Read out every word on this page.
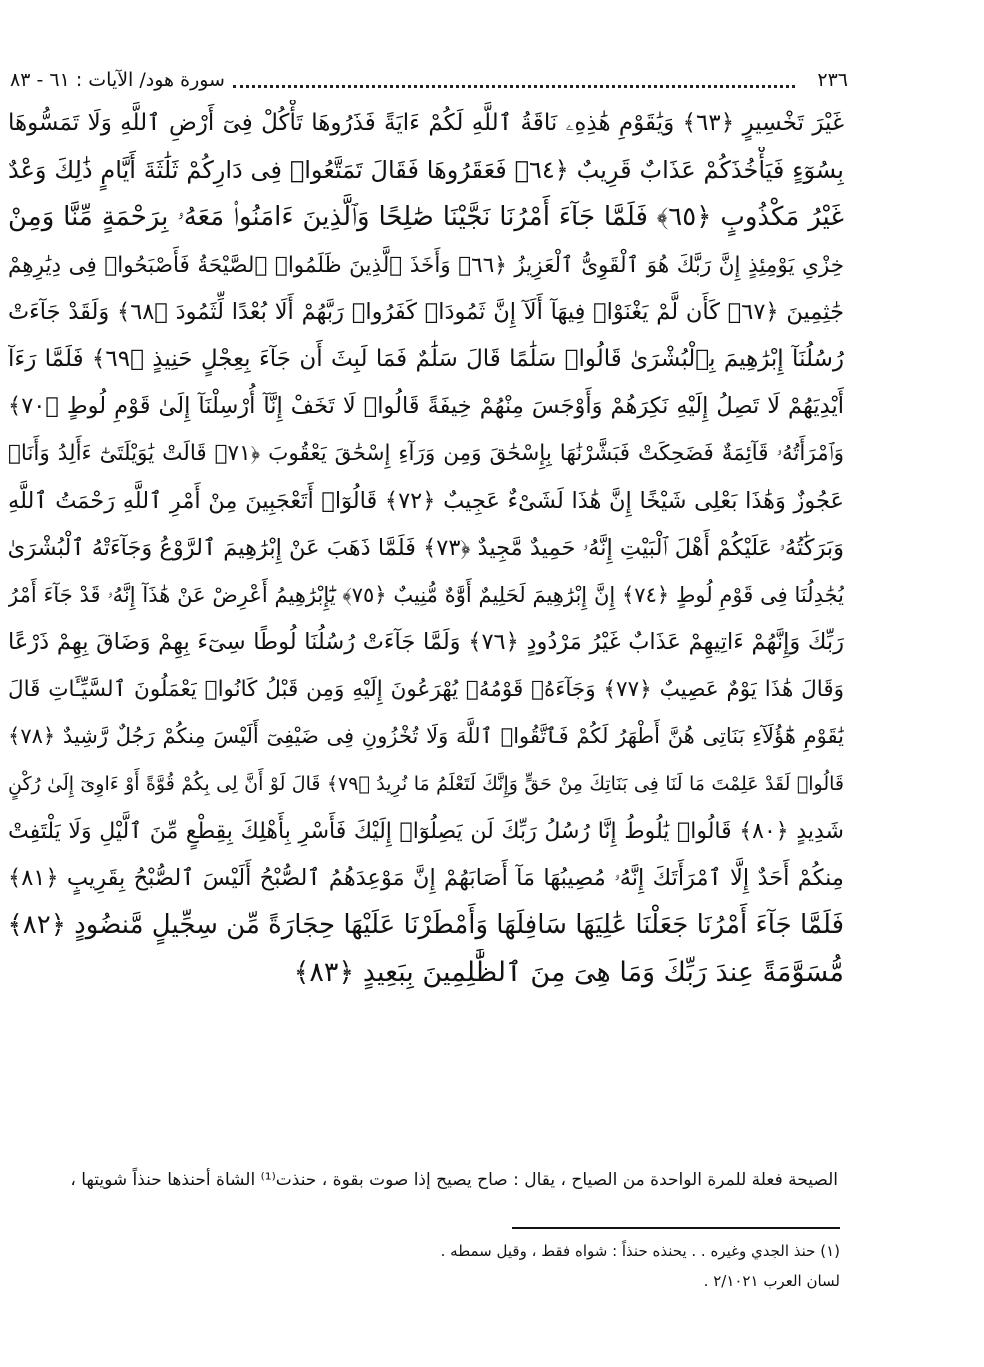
٢٣٦
سورة هود/ الآيات : ٦١ - ٨٣
غَيْرَ تَخْسِيرٍ ﴿٦٣﴾ وَيَٰقَوْمِ هَٰذِهِۦ نَاقَةُ ٱللَّهِ لَكُمْ ءَايَةً فَذَرُوهَا تَأْكُلْ فِىٓ أَرْضِ ٱللَّهِ وَلَا تَمَسُّوهَا
بِسُوٓءٍ فَيَأْخُذَكُمْ عَذَابٌ قَرِيبٌ ﴿٦٤﴾ فَعَقَرُوهَا فَقَالَ تَمَتَّعُوا۟ فِى دَارِكُمْ ثَلَٰثَةَ أَيَّامٍ ذَٰلِكَ وَعْدٌ
غَيْرُ مَكْذُوبٍ ﴿٦٥﴾ فَلَمَّا جَآءَ أَمْرُنَا نَجَّيْنَا صَٰلِحًا وَٱلَّذِينَ ءَامَنُوا۟ مَعَهُۥ بِرَحْمَةٍ مِّنَّا وَمِنْ
خِزْىِ يَوْمِئِذٍ إِنَّ رَبَّكَ هُوَ ٱلْقَوِىُّ ٱلْعَزِيزُ ﴿٦٦﴾ وَأَخَذَ ٱلَّذِينَ ظَلَمُوا۟ ٱلصَّيْحَةُ فَأَصْبَحُوا۟ فِى دِيَٰرِهِمْ
جَٰثِمِينَ ﴿٦٧﴾ كَأَن لَّمْ يَغْنَوْا۟ فِيهَآ أَلَآ إِنَّ ثَمُودَا۟ كَفَرُوا۟ رَبَّهُمْ أَلَا بُعْدًا لِّثَمُودَ ﴿٦٨﴾ وَلَقَدْ جَآءَتْ
رُسُلُنَآ إِبْرَٰهِيمَ بِٱلْبُشْرَىٰ قَالُوا۟ سَلَٰمًا قَالَ سَلَٰمٌ فَمَا لَبِثَ أَن جَآءَ بِعِجْلٍ حَنِيذٍ ﴿٦٩﴾ فَلَمَّا رَءَآ
أَيْدِيَهُمْ لَا تَصِلُ إِلَيْهِ نَكِرَهُمْ وَأَوْجَسَ مِنْهُمْ خِيفَةً قَالُوا۟ لَا تَخَفْ إِنَّآ أُرْسِلْنَآ إِلَىٰ قَوْمِ لُوطٍ ﴿٧٠﴾
وَٱمْرَأَتُهُۥ قَآئِمَةٌ فَضَحِكَتْ فَبَشَّرْنَٰهَا بِإِسْحَٰقَ وَمِن وَرَآءِ إِسْحَٰقَ يَعْقُوبَ ﴿٧١﴾ قَالَتْ يَٰوَيْلَتَىٰٓ ءَأَلِدُ وَأَنَا۠
عَجُوزٌ وَهَٰذَا بَعْلِى شَيْخًا إِنَّ هَٰذَا لَشَىْءٌ عَجِيبٌ ﴿٧٢﴾ قَالُوٓا۟ أَتَعْجَبِينَ مِنْ أَمْرِ ٱللَّهِ رَحْمَتُ ٱللَّهِ
وَبَرَكَٰتُهُۥ عَلَيْكُمْ أَهْلَ ٱلْبَيْتِ إِنَّهُۥ حَمِيدٌ مَّجِيدٌ ﴿٧٣﴾ فَلَمَّا ذَهَبَ عَنْ إِبْرَٰهِيمَ ٱلرَّوْعُ وَجَآءَتْهُ ٱلْبُشْرَىٰ
يُجَٰدِلُنَا فِى قَوْمِ لُوطٍ ﴿٧٤﴾ إِنَّ إِبْرَٰهِيمَ لَحَلِيمٌ أَوَّٰهٌ مُّنِيبٌ ﴿٧٥﴾ يَٰٓإِبْرَٰهِيمُ أَعْرِضْ عَنْ هَٰذَآ إِنَّهُۥ قَدْ جَآءَ أَمْرُ
رَبِّكَ وَإِنَّهُمْ ءَاتِيهِمْ عَذَابٌ غَيْرُ مَرْدُودٍ ﴿٧٦﴾ وَلَمَّا جَآءَتْ رُسُلُنَا لُوطًا سِىٓءَ بِهِمْ وَضَاقَ بِهِمْ ذَرْعًا
وَقَالَ هَٰذَا يَوْمٌ عَصِيبٌ ﴿٧٧﴾ وَجَآءَهُۥ قَوْمُهُۥ يُهْرَعُونَ إِلَيْهِ وَمِن قَبْلُ كَانُوا۟ يَعْمَلُونَ ٱلسَّيِّـَٔاتِ قَالَ
يَٰقَوْمِ هَٰٓؤُلَآءِ بَنَاتِى هُنَّ أَطْهَرُ لَكُمْ فَٱتَّقُوا۟ ٱللَّهَ وَلَا تُخْزُونِ فِى ضَيْفِىٓ أَلَيْسَ مِنكُمْ رَجُلٌ رَّشِيدٌ ﴿٧٨﴾
قَالُوا۟ لَقَدْ عَلِمْتَ مَا لَنَا فِى بَنَاتِكَ مِنْ حَقٍّ وَإِنَّكَ لَتَعْلَمُ مَا نُرِيدُ ﴿٧٩﴾ قَالَ لَوْ أَنَّ لِى بِكُمْ قُوَّةً أَوْ ءَاوِىٓ إِلَىٰ رُكْنٍ
شَدِيدٍ ﴿٨٠﴾ قَالُوا۟ يَٰلُوطُ إِنَّا رُسُلُ رَبِّكَ لَن يَصِلُوٓا۟ إِلَيْكَ فَأَسْرِ بِأَهْلِكَ بِقِطْعٍ مِّنَ ٱلَّيْلِ وَلَا يَلْتَفِتْ
مِنكُمْ أَحَدٌ إِلَّا ٱمْرَأَتَكَ إِنَّهُۥ مُصِيبُهَا مَآ أَصَابَهُمْ إِنَّ مَوْعِدَهُمُ ٱلصُّبْحُ أَلَيْسَ ٱلصُّبْحُ بِقَرِيبٍ ﴿٨١﴾
فَلَمَّا جَآءَ أَمْرُنَا جَعَلْنَا عَٰلِيَهَا سَافِلَهَا وَأَمْطَرْنَا عَلَيْهَا حِجَارَةً مِّن سِجِّيلٍ مَّنضُودٍ ﴿٨٢﴾
مُّسَوَّمَةً عِندَ رَبِّكَ وَمَا هِىَ مِنَ ٱلظَّٰلِمِينَ بِبَعِيدٍ ﴿٨٣﴾
الصيحة فعلة للمرة الواحدة من الصياح ، يقال : صاح يصيح إذا صوت بقوة ، حنذت⁽¹⁾ الشاة أحنذها حنذاً شويتها ،
(١) حنذ الجدي وغيره . . يحنذه حنذاً : شواه فقط ، وقيل سمطه .
لسان العرب ٢/١٠٢١ .
